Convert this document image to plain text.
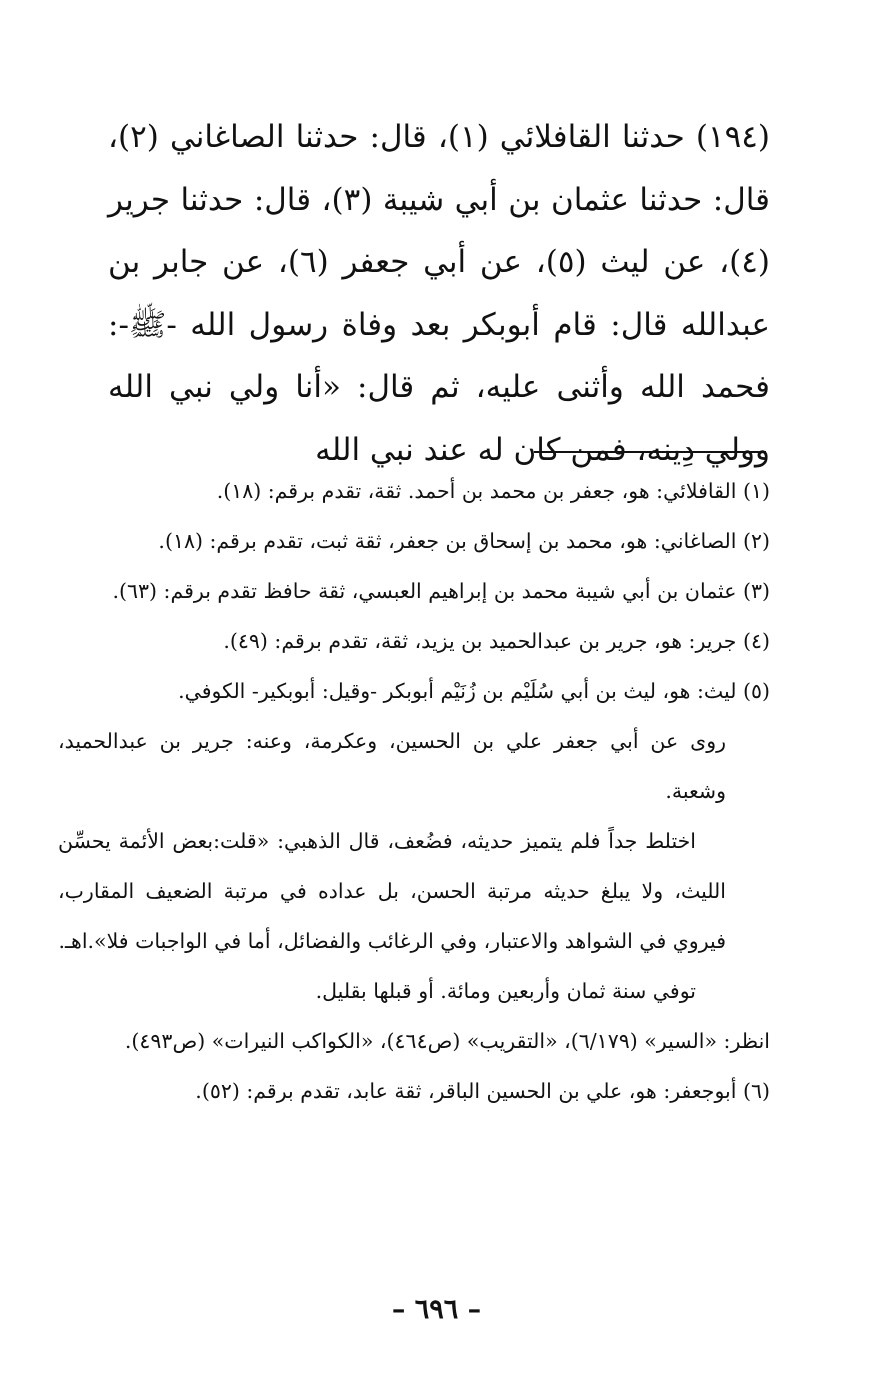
(١٩٤) حدثنا القافلائي (١)، قال: حدثنا الصاغاني (٢)، قال: حدثنا عثمان بن أبي شيبة (٣)، قال: حدثنا جرير (٤)، عن ليث (٥)، عن أبي جعفر (٦)، عن جابر بن عبدالله قال: قام أبوبكر بعد وفاة رسول الله -ﷺ-: فحمد الله وأثنى عليه، ثم قال: «أنا ولي نبي الله وولي دِينه، فمن كان له عند نبي الله

(١) القافلائي: هو، جعفر بن محمد بن أحمد. ثقة، تقدم برقم: (١٨).

(٢) الصاغاني: هو، محمد بن إسحاق بن جعفر، ثقة ثبت، تقدم برقم: (١٨).

(٣) عثمان بن أبي شيبة محمد بن إبراهيم العبسي، ثقة حافظ تقدم برقم: (٦٣).

(٤) جرير: هو، جرير بن عبدالحميد بن يزيد، ثقة، تقدم برقم: (٤٩).

(٥) ليث: هو، ليث بن أبي سُلَيْم بن زُنَيْم أبوبكر -وقيل: أبوبكير- الكوفي.

روى عن أبي جعفر علي بن الحسين، وعكرمة، وعنه: جرير بن عبدالحميد، وشعبة.

اختلط جداً فلم يتميز حديثه، فضُعف، قال الذهبي: «قلت:بعض الأئمة يحسِّن الليث، ولا يبلغ حديثه مرتبة الحسن، بل عداده في مرتبة الضعيف المقارب، فيروي في الشواهد والاعتبار، وفي الرغائب والفضائل، أما في الواجبات فلا».اهـ.

توفي سنة ثمان وأربعين ومائة. أو قبلها بقليل.

انظر: «السير» (٦/١٧٩)، «التقريب» (ص٤٦٤)، «الكواكب النيرات» (ص٤٩٣).

(٦) أبوجعفر: هو، علي بن الحسين الباقر، ثقة عابد، تقدم برقم: (٥٢).

– ٦٩٦ –
